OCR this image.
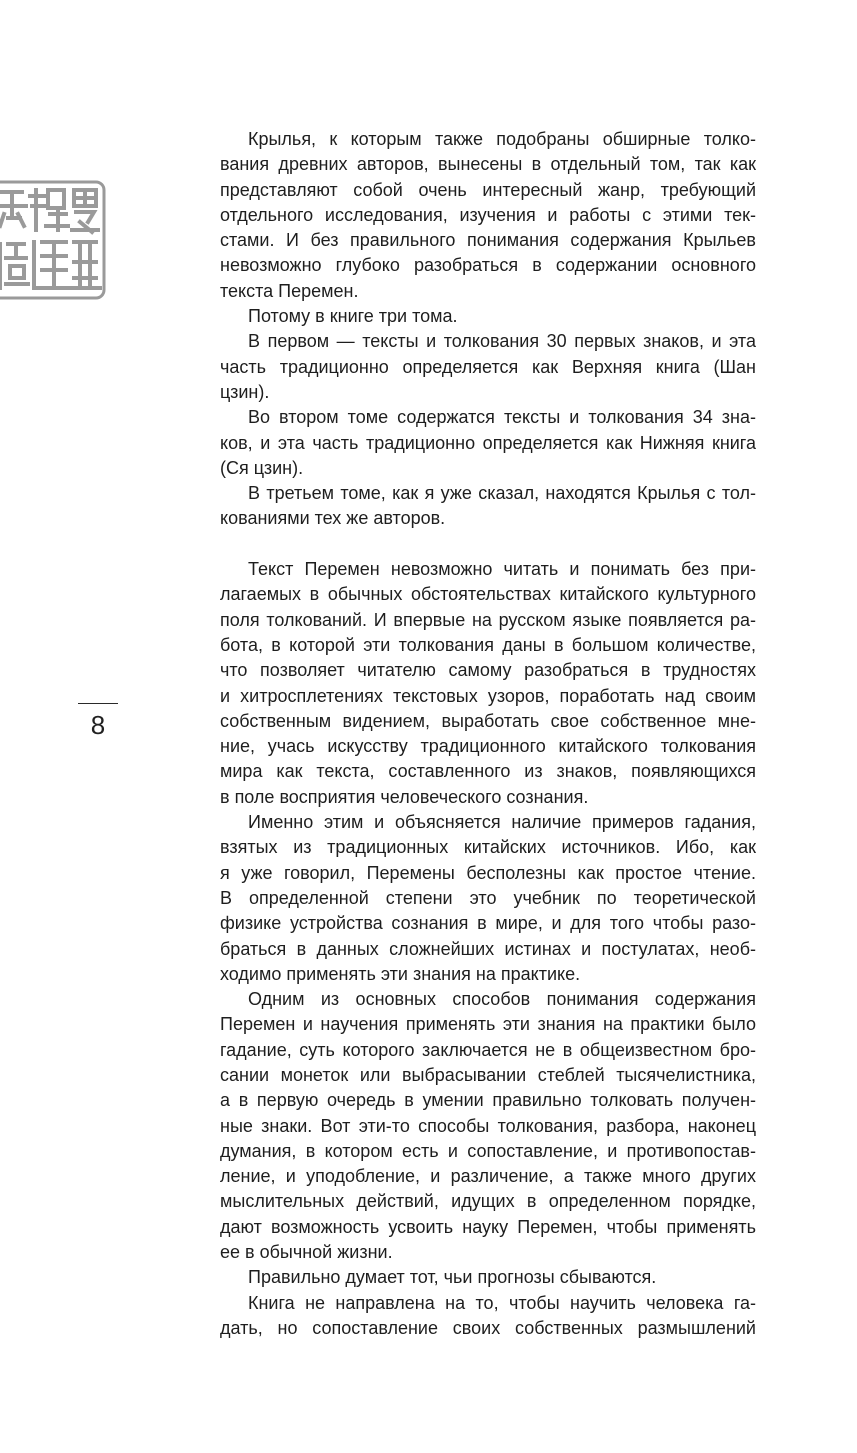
8
Крылья, к которым также подобраны обширные толко-
вания древних авторов, вынесены в отдельный том, так как
представляют собой очень интересный жанр, требующий
отдельного исследования, изучения и работы с этими тек-
стами. И без правильного понимания содержания Крыльев
невозможно глубоко разобраться в содержании основного
текста Перемен.
Потому в книге три тома.
В первом — тексты и толкования 30 первых знаков, и эта
часть традиционно определяется как Верхняя книга (Шан
цзин).
Во втором томе содержатся тексты и толкования 34 зна-
ков, и эта часть традиционно определяется как Нижняя книга
(Ся цзин).
В третьем томе, как я уже сказал, находятся Крылья с тол-
кованиями тех же авторов.
Текст Перемен невозможно читать и понимать без при-
лагаемых в обычных обстоятельствах китайского культурного
поля толкований. И впервые на русском языке появляется ра-
бота, в которой эти толкования даны в большом количестве,
что позволяет читателю самому разобраться в трудностях
и хитросплетениях текстовых узоров, поработать над своим
собственным видением, выработать свое собственное мне-
ние, учась искусству традиционного китайского толкования
мира как текста, составленного из знаков, появляющихся
в поле восприятия человеческого сознания.
Именно этим и объясняется наличие примеров гадания,
взятых из традиционных китайских источников. Ибо, как
я уже говорил, Перемены бесполезны как простое чтение.
В определенной степени это учебник по теоретической
физике устройства сознания в мире, и для того чтобы разо-
браться в данных сложнейших истинах и постулатах, необ-
ходимо применять эти знания на практике.
Одним из основных способов понимания содержания
Перемен и научения применять эти знания на практики было
гадание, суть которого заключается не в общеизвестном бро-
сании монеток или выбрасывании стеблей тысячелистника,
а в первую очередь в умении правильно толковать получен-
ные знаки. Вот эти-то способы толкования, разбора, наконец
думания, в котором есть и сопоставление, и противопостав-
ление, и уподобление, и различение, а также много других
мыслительных действий, идущих в определенном порядке,
дают возможность усвоить науку Перемен, чтобы применять
ее в обычной жизни.
Правильно думает тот, чьи прогнозы сбываются.
Книга не направлена на то, чтобы научить человека га-
дать, но сопоставление своих собственных размышлений
